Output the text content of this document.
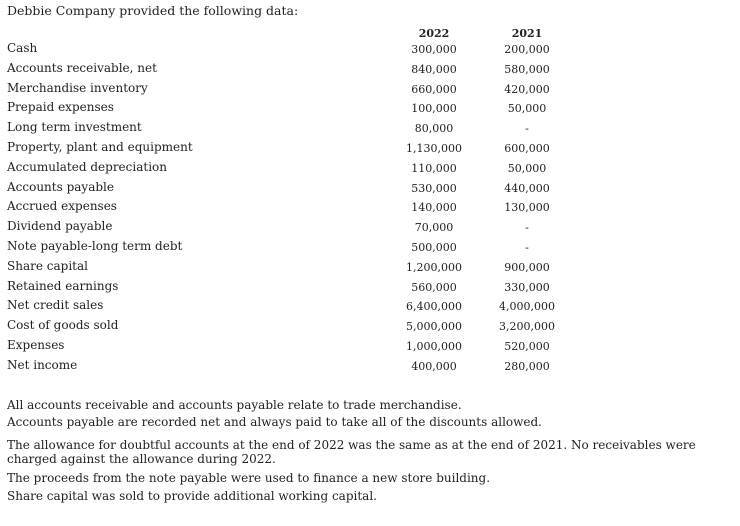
Debbie Company provided the following data:
2022	2021
Cash	300,000	200,000
Accounts receivable, net	840,000	580,000
Merchandise inventory	660,000	420,000
Prepaid expenses	100,000	50,000
Long term investment	80,000	-
Property, plant and equipment	1,130,000	600,000
Accumulated depreciation	110,000	50,000
Accounts payable	530,000	440,000
Accrued expenses	140,000	130,000
Dividend payable	70,000	-
Note payable-long term debt	500,000	-
Share capital	1,200,000	900,000
Retained earnings	560,000	330,000
Net credit sales	6,400,000	4,000,000
Cost of goods sold	5,000,000	3,200,000
Expenses	1,000,000	520,000
Net income	400,000	280,000

All accounts receivable and accounts payable relate to trade merchandise.

Accounts payable are recorded net and always paid to take all of the discounts allowed.

The allowance for doubtful accounts at the end of 2022 was the same as at the end of 2021. No receivables were charged against the allowance during 2022.

The proceeds from the note payable were used to finance a new store building.

Share capital was sold to provide additional working capital.
